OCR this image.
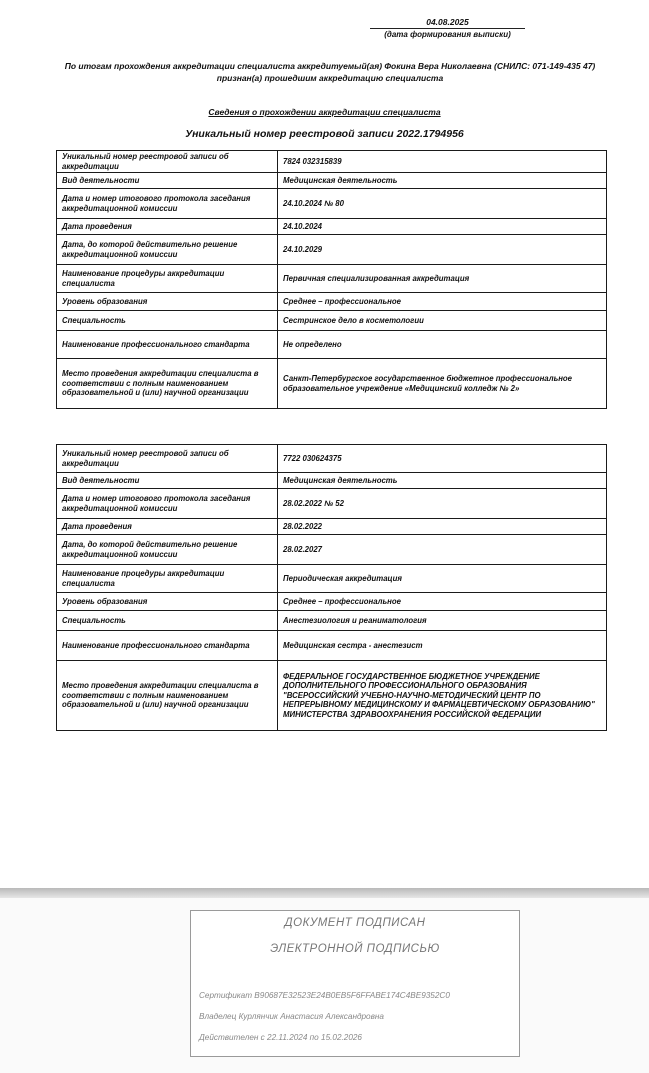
04.08.2025
(дата формирования выписки)
По итогам прохождения аккредитации специалиста аккредитуемый(ая) Фокина Вера Николаевна (СНИЛС: 071-149-435 47) признан(а) прошедшим аккредитацию специалиста
Сведения о прохождении аккредитации специалиста
Уникальный номер реестровой записи 2022.1794956
Уникальный номер реестровой записи об аккредитации	7824 032315839
Вид деятельности	Медицинская деятельность
Дата и номер итогового протокола заседания аккредитационной комиссии	24.10.2024 № 80
Дата проведения	24.10.2024
Дата, до которой действительно решение аккредитационной комиссии	24.10.2029
Наименование процедуры аккредитации специалиста	Первичная специализированная аккредитация
Уровень образования	Среднее – профессиональное
Специальность	Сестринское дело в косметологии
Наименование профессионального стандарта	Не определено
Место проведения аккредитации специалиста в соответствии с полным наименованием образовательной и (или) научной организации	Санкт-Петербургское государственное бюджетное профессиональное образовательное учреждение «Медицинский колледж № 2»
Уникальный номер реестровой записи об аккредитации	7722 030624375
Вид деятельности	Медицинская деятельность
Дата и номер итогового протокола заседания аккредитационной комиссии	28.02.2022 № 52
Дата проведения	28.02.2022
Дата, до которой действительно решение аккредитационной комиссии	28.02.2027
Наименование процедуры аккредитации специалиста	Периодическая аккредитация
Уровень образования	Среднее – профессиональное
Специальность	Анестезиология и реаниматология
Наименование профессионального стандарта	Медицинская сестра - анестезист
Место проведения аккредитации специалиста в соответствии с полным наименованием образовательной и (или) научной организации	ФЕДЕРАЛЬНОЕ ГОСУДАРСТВЕННОЕ БЮДЖЕТНОЕ УЧРЕЖДЕНИЕ ДОПОЛНИТЕЛЬНОГО ПРОФЕССИОНАЛЬНОГО ОБРАЗОВАНИЯ "ВСЕРОССИЙСКИЙ УЧЕБНО-НАУЧНО-МЕТОДИЧЕСКИЙ ЦЕНТР ПО НЕПРЕРЫВНОМУ МЕДИЦИНСКОМУ И ФАРМАЦЕВТИЧЕСКОМУ ОБРАЗОВАНИЮ" МИНИСТЕРСТВА ЗДРАВООХРАНЕНИЯ РОССИЙСКОЙ ФЕДЕРАЦИИ
ДОКУМЕНТ ПОДПИСАН
ЭЛЕКТРОННОЙ ПОДПИСЬЮ
Сертификат B90687E32523E24B0EB5F6FFABE174C4BE9352C0
Владелец Курлянчик Анастасия Александровна
Действителен с 22.11.2024 по 15.02.2026
